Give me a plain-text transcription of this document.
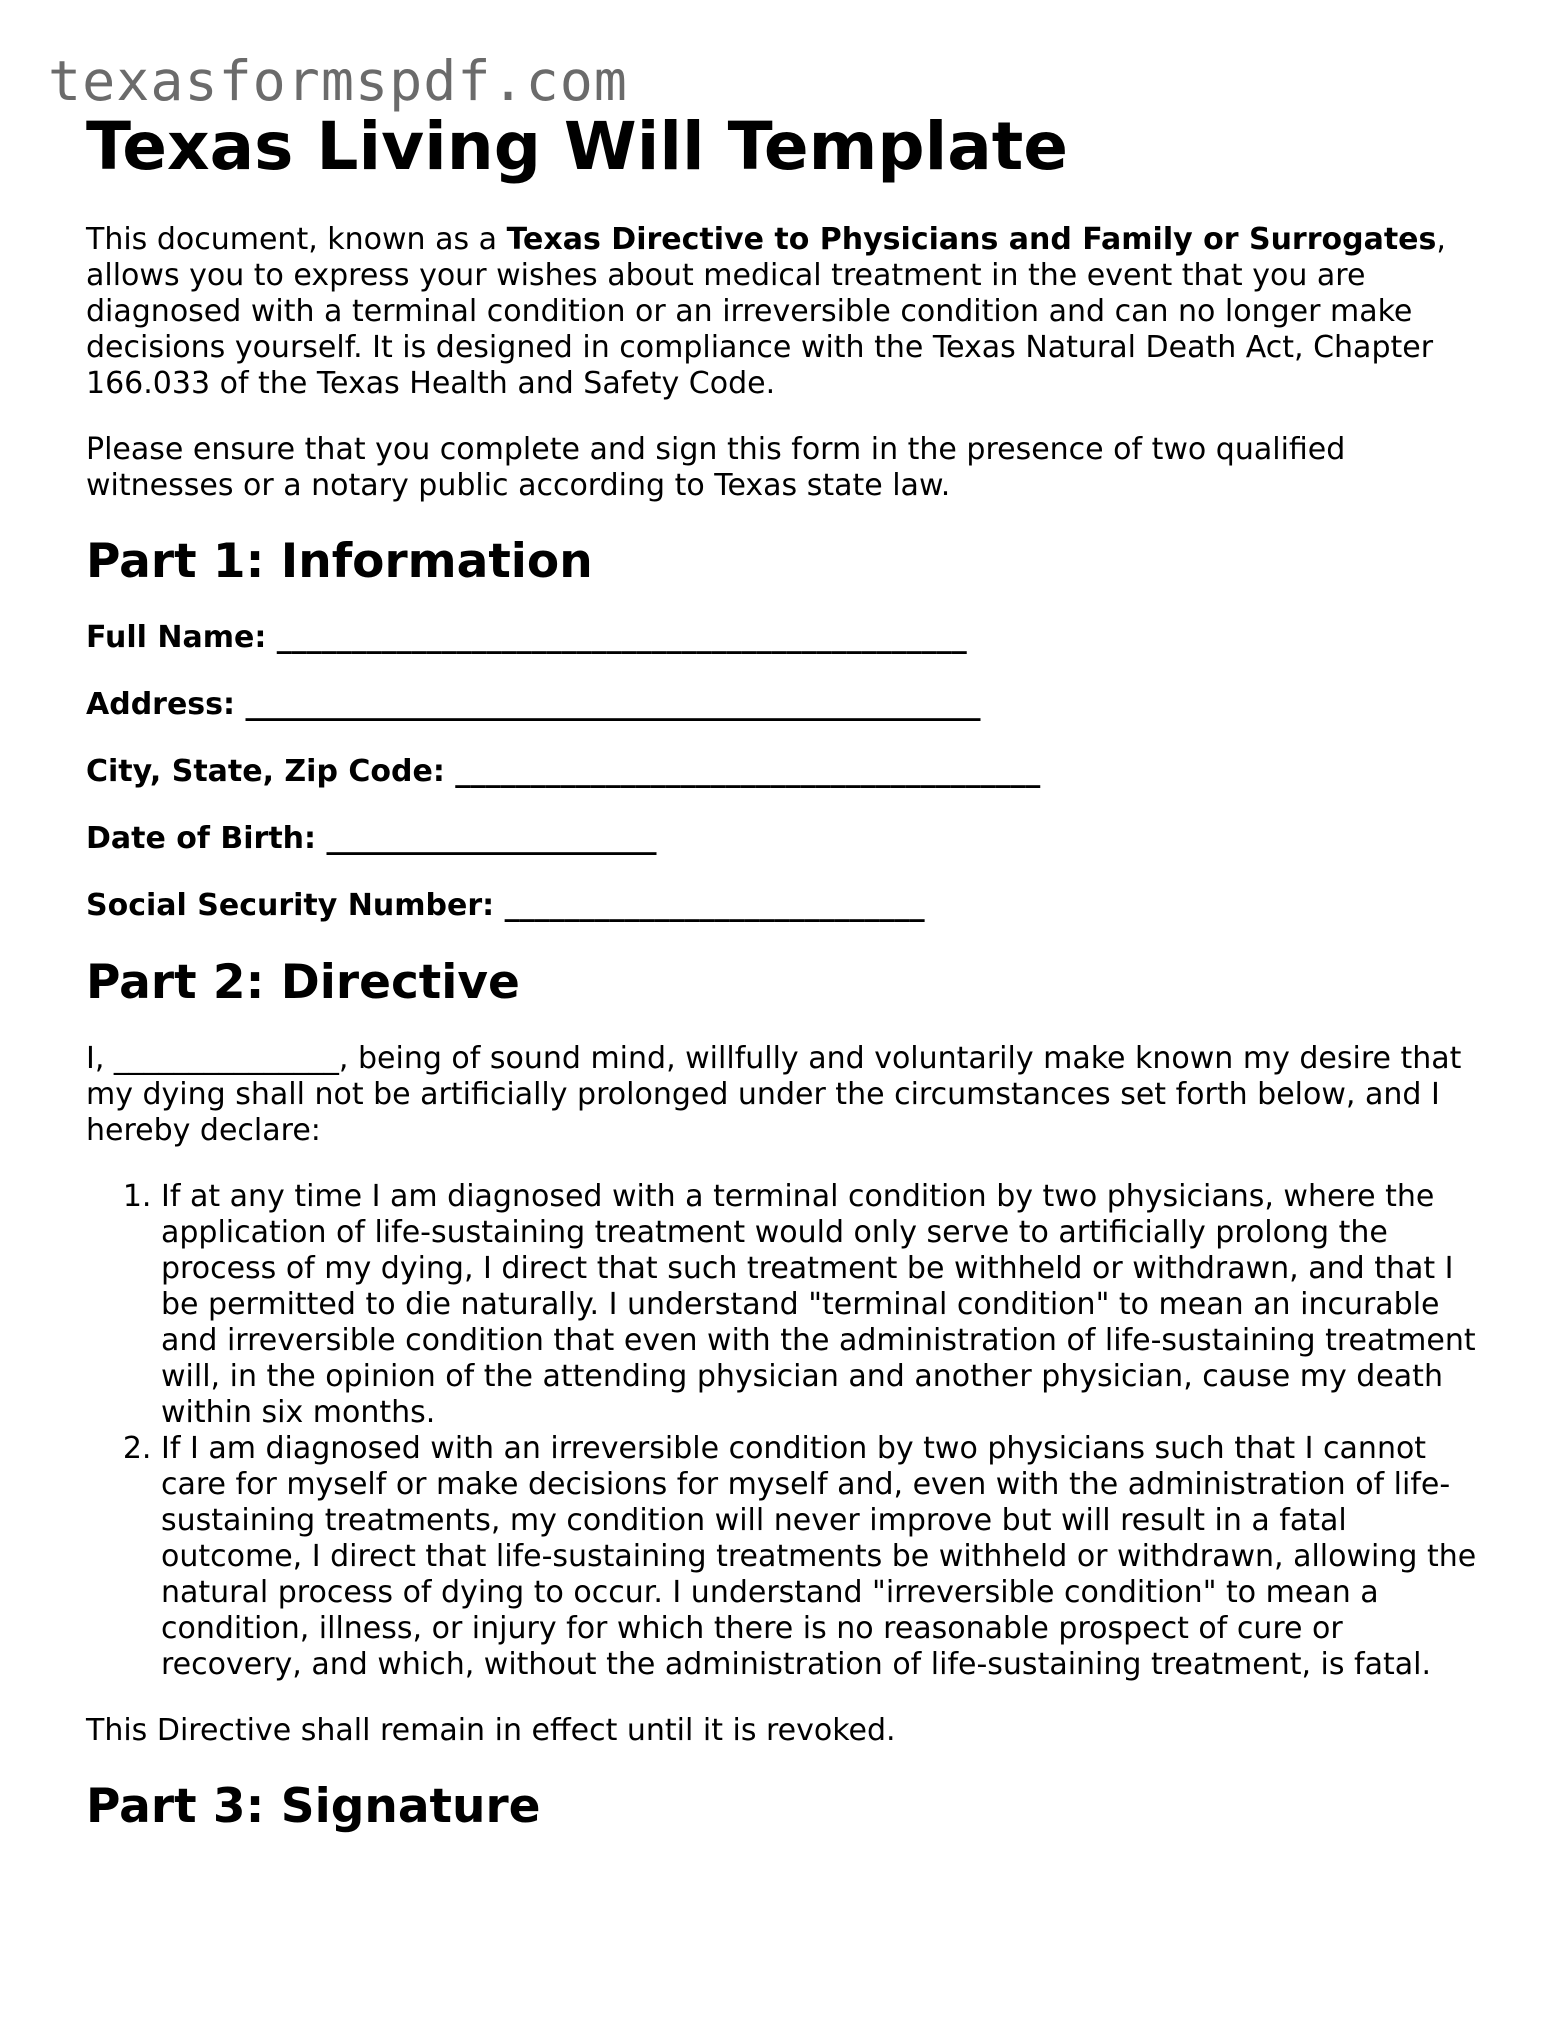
texasformspdf.com
Texas Living Will Template

This document, known as a Texas Directive to Physicians and Family or Surrogates, allows you to express your wishes about medical treatment in the event that you are diagnosed with a terminal condition or an irreversible condition and can no longer make decisions yourself. It is designed in compliance with the Texas Natural Death Act, Chapter 166.033 of the Texas Health and Safety Code.

Please ensure that you complete and sign this form in the presence of two qualified witnesses or a notary public according to Texas state law.

Part 1: Information
Full Name: ______________________________________________
Address: _________________________________________________
City, State, Zip Code: _______________________________________
Date of Birth: ______________________
Social Security Number: ____________________________
Part 2: Directive

I, _______________, being of sound mind, willfully and voluntarily make known my desire that my dying shall not be artificially prolonged under the circumstances set forth below, and I hereby declare:

1. If at any time I am diagnosed with a terminal condition by two physicians, where the application of life-sustaining treatment would only serve to artificially prolong the process of my dying, I direct that such treatment be withheld or withdrawn, and that I be permitted to die naturally. I understand "terminal condition" to mean an incurable and irreversible condition that even with the administration of life-sustaining treatment will, in the opinion of the attending physician and another physician, cause my death within six months.
2. If I am diagnosed with an irreversible condition by two physicians such that I cannot care for myself or make decisions for myself and, even with the administration of life-sustaining treatments, my condition will never improve but will result in a fatal outcome, I direct that life-sustaining treatments be withheld or withdrawn, allowing the natural process of dying to occur. I understand "irreversible condition" to mean a condition, illness, or injury for which there is no reasonable prospect of cure or recovery, and which, without the administration of life-sustaining treatment, is fatal.

This Directive shall remain in effect until it is revoked.

Part 3: Signature
